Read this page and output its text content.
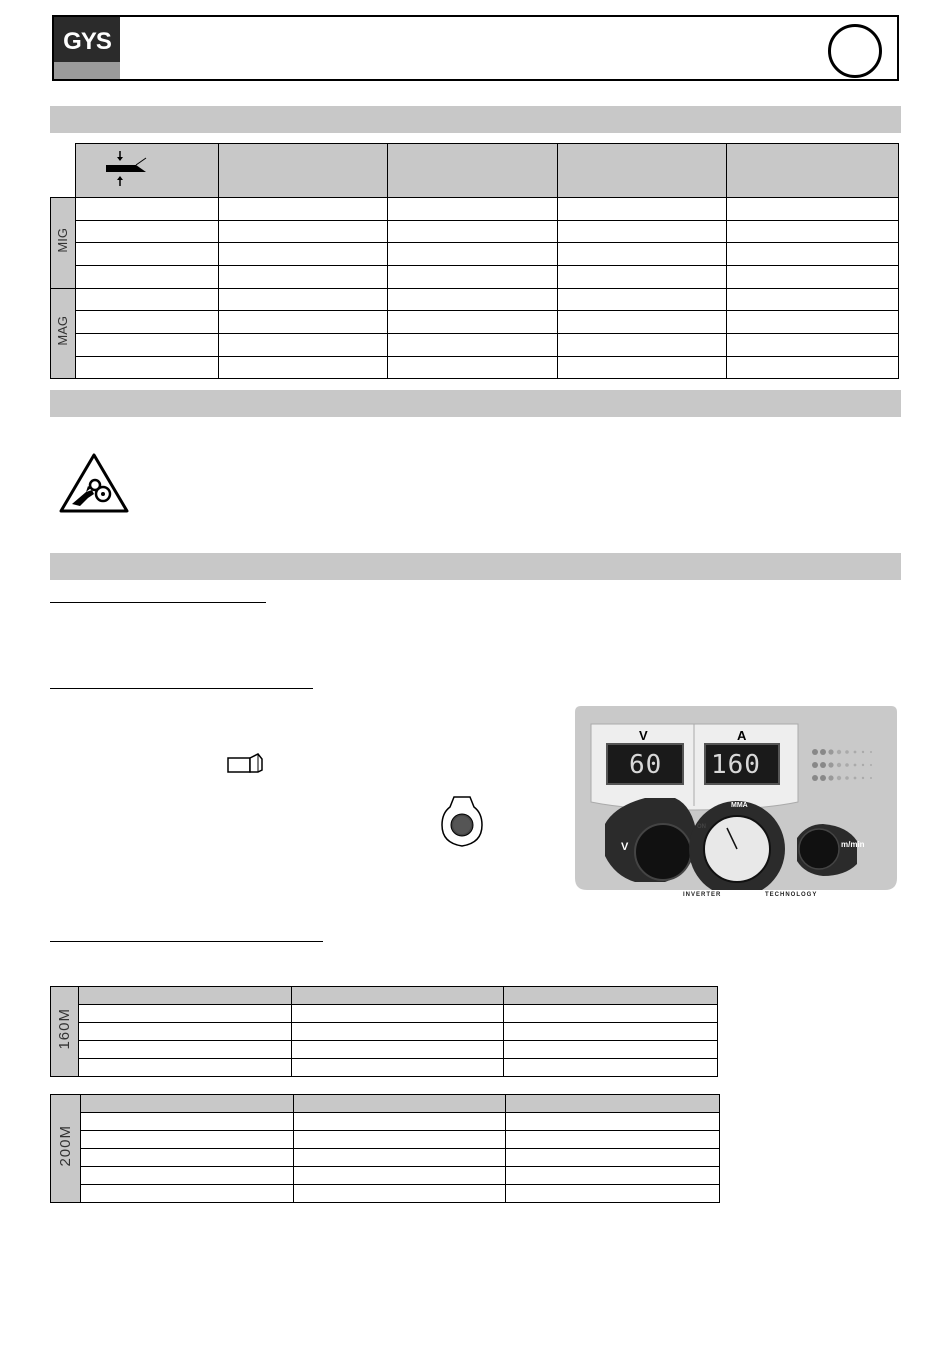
GYS

MIG					

MAG					

V	A
60 160
MMA
ON
V	m/min
INVERTER	TECHNOLOGY
160M			

200M			
